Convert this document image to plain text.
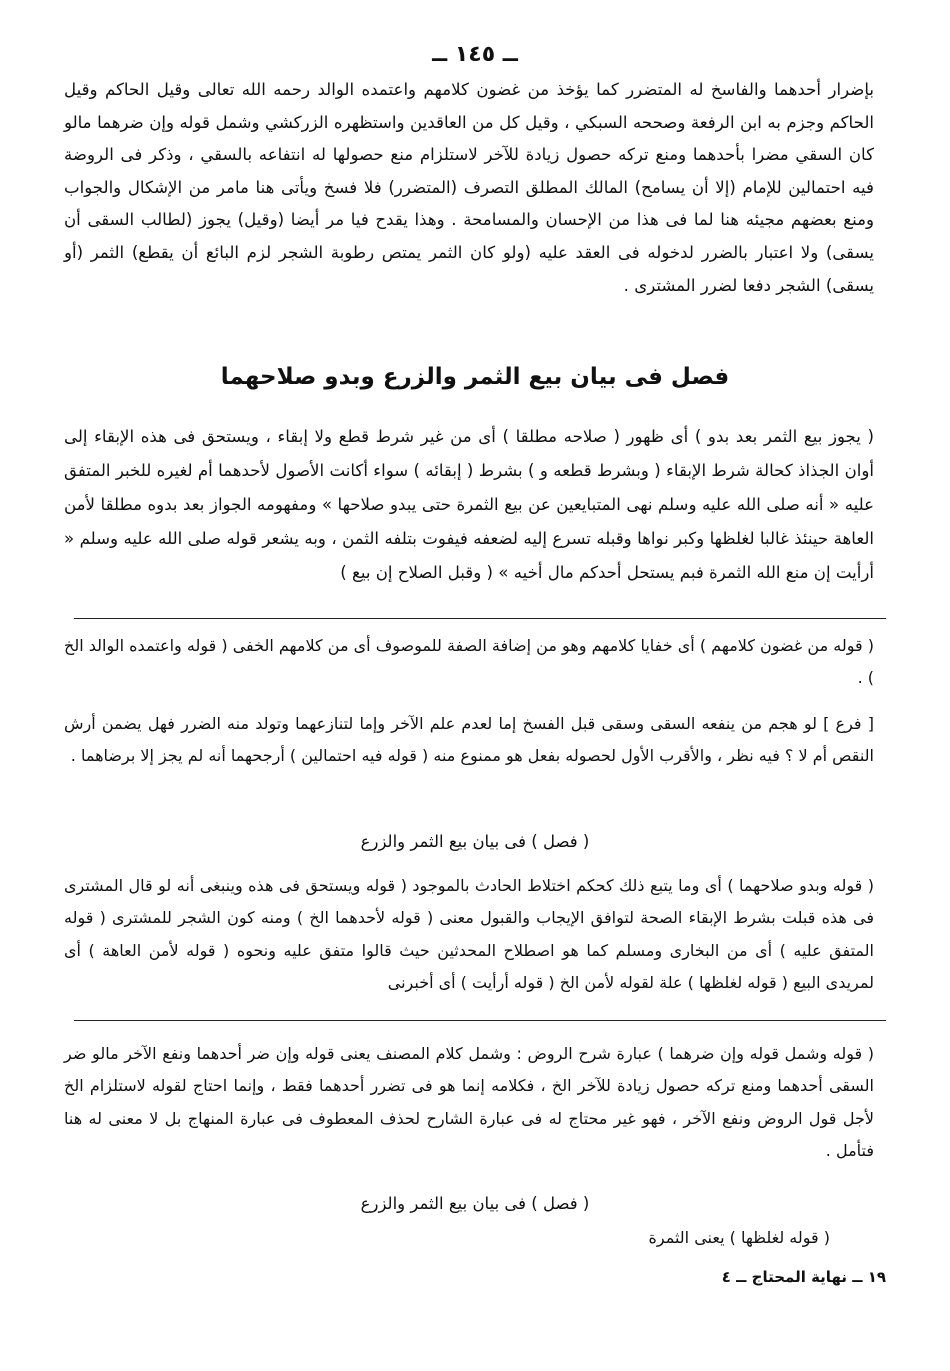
ــ ١٤٥ ــ

بإضرار أحدهما والفاسخ له المتضرر كما يؤخذ من غضون كلامهم واعتمده الوالد رحمه الله تعالى وقيل الحاكم وقيل الحاكم وجزم به ابن الرفعة وصححه السبكي ، وقيل كل من العاقدين واستظهره الزركشي وشمل قوله وإن ضرهما مالو كان السقي مضرا بأحدهما ومنع تركه حصول زيادة للآخر لاستلزام منع حصولها له انتفاعه بالسقي ، وذكر فى الروضة فيه احتمالين للإمام (إلا أن يسامح) المالك المطلق التصرف (المتضرر) فلا فسخ ويأتى هنا مامر من الإشكال والجواب ومنع بعضهم مجيئه هنا لما فى هذا من الإحسان والمسامحة . وهذا يقدح فيا مر أيضا (وقيل) يجوز (لطالب السقى أن يسقى) ولا اعتبار بالضرر لدخوله فى العقد عليه (ولو كان الثمر يمتص رطوبة الشجر لزم البائع أن يقطع) الثمر (أو يسقى) الشجر دفعا لضرر المشترى .

فصل فى بيان بيع الثمر والزرع وبدو صلاحهما

( يجوز بيع الثمر بعد بدو ) أى ظهور ( صلاحه مطلقا ) أى من غير شرط قطع ولا إبقاء ، ويستحق فى هذه الإبقاء إلى أوان الجذاذ كحالة شرط الإبقاء ( وبشرط قطعه و ) بشرط ( إبقائه ) سواء أكانت الأصول لأحدهما أم لغيره للخبر المتفق عليه « أنه صلى الله عليه وسلم نهى المتبايعين عن بيع الثمرة حتى يبدو صلاحها » ومفهومه الجواز بعد بدوه مطلقا لأمن العاهة حينئذ غالبا لغلظها وكبر نواها وقبله تسرع إليه لضعفه فيفوت بتلفه الثمن ، وبه يشعر قوله صلى الله عليه وسلم « أرأيت إن منع الله الثمرة فبم يستحل أحدكم مال أخيه » ( وقبل الصلاح إن بيع )

( قوله من غضون كلامهم ) أى خفايا كلامهم وهو من إضافة الصفة للموصوف أى من كلامهم الخفى ( قوله واعتمده الوالد الخ ) .

[ فرع ] لو هجم من ينفعه السقى وسقى قبل الفسخ إما لعدم علم الآخر وإما لتنازعهما وتولد منه الضرر فهل يضمن أرش النقص أم لا ؟ فيه نظر ، والأقرب الأول لحصوله بفعل هو ممنوع منه ( قوله فيه احتمالين ) أرجحهما أنه لم يجز إلا برضاهما .

( فصل ) فى بيان بيع الثمر والزرع

( قوله وبدو صلاحهما ) أى وما يتبع ذلك كحكم اختلاط الحادث بالموجود ( قوله ويستحق فى هذه وينبغى أنه لو قال المشترى فى هذه قبلت بشرط الإبقاء الصحة لتوافق الإيجاب والقبول معنى ( قوله لأحدهما الخ ) ومنه كون الشجر للمشترى ( قوله المتفق عليه ) أى من البخارى ومسلم كما هو اصطلاح المحدثين حيث قالوا متفق عليه ونحوه ( قوله لأمن العاهة ) أى لمريدى البيع ( قوله لغلظها ) علة لقوله لأمن الخ ( قوله أرأيت ) أى أخبرنى

( قوله وشمل قوله وإن ضرهما ) عبارة شرح الروض : وشمل كلام المصنف يعنى قوله وإن ضر أحدهما ونفع الآخر مالو ضر السقى أحدهما ومنع تركه حصول زيادة للآخر الخ ، فكلامه إنما هو فى تضرر أحدهما فقط ، وإنما احتاج لقوله لاستلزام الخ لأجل قول الروض ونفع الآخر ، فهو غير محتاج له فى عبارة الشارح لحذف المعطوف فى عبارة المنهاج بل لا معنى له هنا فتأمل .

( فصل ) فى بيان بيع الثمر والزرع
( قوله لغلظها ) يعنى الثمرة
١٩ ــ نهاية المحتاج ــ ٤
